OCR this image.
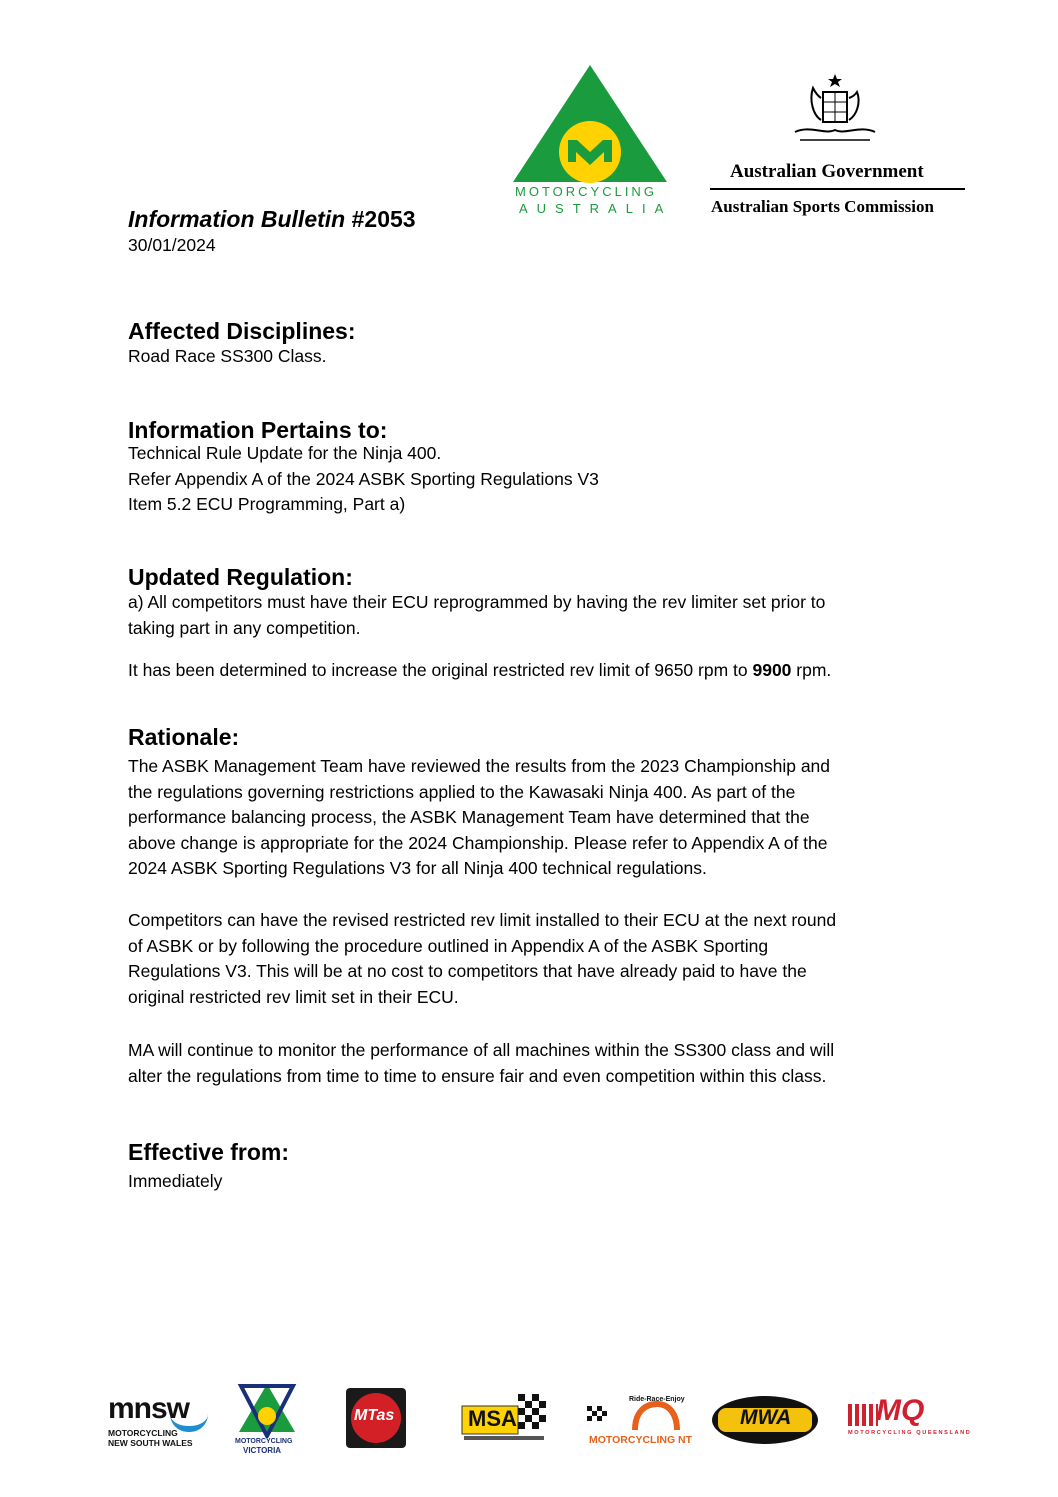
MOTORCYCLING
AUSTRALIA
Australian Government
Australian Sports Commission
Information Bulletin #2053
30/01/2024
Affected Disciplines:
Road Race SS300 Class.
Information Pertains to:
Technical Rule Update for the Ninja 400.
Refer Appendix A of the 2024 ASBK Sporting Regulations V3
Item 5.2 ECU Programming, Part a)
Updated Regulation:
a) All competitors must have their ECU reprogrammed by having the rev limiter set prior to
taking part in any competition.
It has been determined to increase the original restricted rev limit of 9650 rpm to 9900 rpm.
Rationale:
The ASBK Management Team have reviewed the results from the 2023 Championship and
the regulations governing restrictions applied to the Kawasaki Ninja 400. As part of the
performance balancing process, the ASBK Management Team have determined that the
above change is appropriate for the 2024 Championship. Please refer to Appendix A of the
2024 ASBK Sporting Regulations V3 for all Ninja 400 technical regulations.
Competitors can have the revised restricted rev limit installed to their ECU at the next round
of ASBK or by following the procedure outlined in Appendix A of the ASBK Sporting
Regulations V3. This will be at no cost to competitors that have already paid to have the
original restricted rev limit set in their ECU.
MA will continue to monitor the performance of all machines within the SS300 class and will
alter the regulations from time to time to ensure fair and even competition within this class.
Effective from:
Immediately
mnsw
MOTORCYCLING
NEW SOUTH WALES	MOTORCYCLING
VICTORIA
MTas	MSA
Ride-Race-Enjoy
MOTORCYCLING NT
MWA	MQ
MOTORCYCLING QUEENSLAND
